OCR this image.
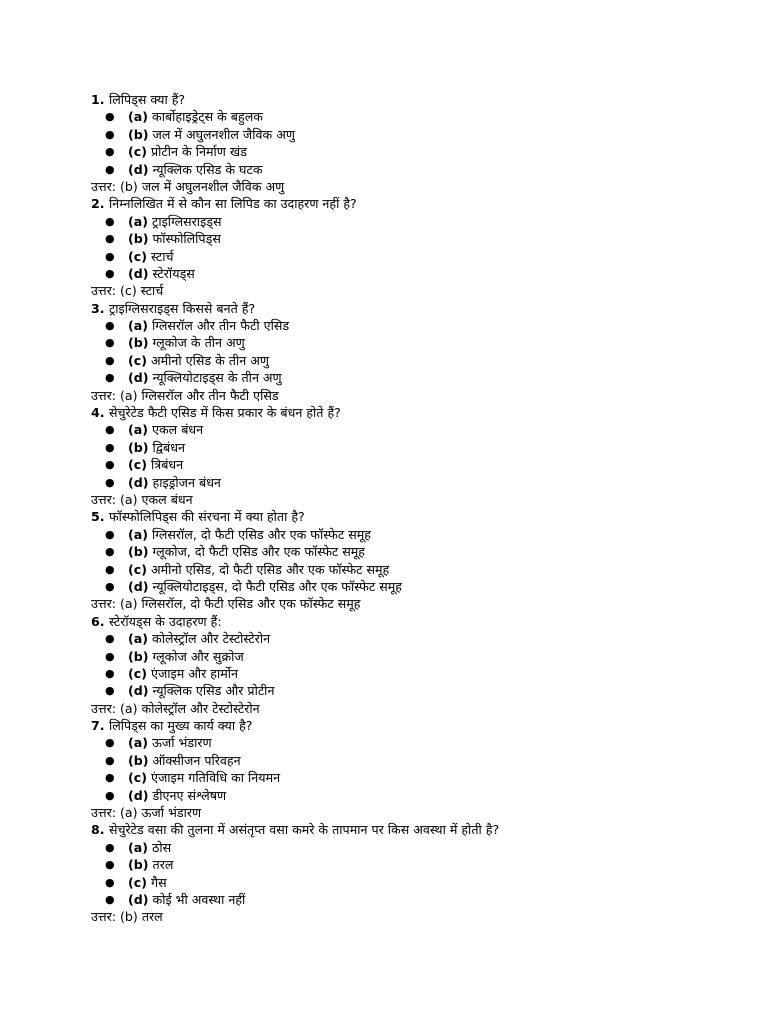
1. लिपिड्स क्या हैं?
● (a) कार्बोहाइड्रेट्स के बहुलक
● (b) जल में अघुलनशील जैविक अणु
● (c) प्रोटीन के निर्माण खंड
● (d) न्यूक्लिक एसिड के घटक
उत्तर: (b) जल में अघुलनशील जैविक अणु
2. निम्नलिखित में से कौन सा लिपिड का उदाहरण नहीं है?
● (a) ट्राइग्लिसराइड्स
● (b) फॉस्फोलिपिड्स
● (c) स्टार्च
● (d) स्टेरॉयड्स
उत्तर: (c) स्टार्च
3. ट्राइग्लिसराइड्स किससे बनते हैं?
● (a) ग्लिसरॉल और तीन फैटी एसिड
● (b) ग्लूकोज के तीन अणु
● (c) अमीनो एसिड के तीन अणु
● (d) न्यूक्लियोटाइड्स के तीन अणु
उत्तर: (a) ग्लिसरॉल और तीन फैटी एसिड
4. सेचुरेटेड फैटी एसिड में किस प्रकार के बंधन होते हैं?
● (a) एकल बंधन
● (b) द्विबंधन
● (c) त्रिबंधन
● (d) हाइड्रोजन बंधन
उत्तर: (a) एकल बंधन
5. फॉस्फोलिपिड्स की संरचना में क्या होता है?
● (a) ग्लिसरॉल, दो फैटी एसिड और एक फॉस्फेट समूह
● (b) ग्लूकोज, दो फैटी एसिड और एक फॉस्फेट समूह
● (c) अमीनो एसिड, दो फैटी एसिड और एक फॉस्फेट समूह
● (d) न्यूक्लियोटाइड्स, दो फैटी एसिड और एक फॉस्फेट समूह
उत्तर: (a) ग्लिसरॉल, दो फैटी एसिड और एक फॉस्फेट समूह
6. स्टेरॉयड्स के उदाहरण हैं:
● (a) कोलेस्ट्रॉल और टेस्टोस्टेरोन
● (b) ग्लूकोज और सुक्रोज
● (c) एंजाइम और हार्मोन
● (d) न्यूक्लिक एसिड और प्रोटीन
उत्तर: (a) कोलेस्ट्रॉल और टेस्टोस्टेरोन
7. लिपिड्स का मुख्य कार्य क्या है?
● (a) ऊर्जा भंडारण
● (b) ऑक्सीजन परिवहन
● (c) एंजाइम गतिविधि का नियमन
● (d) डीएनए संश्लेषण
उत्तर: (a) ऊर्जा भंडारण
8. सेचुरेटेड वसा की तुलना में असंतृप्त वसा कमरे के तापमान पर किस अवस्था में होती है?
● (a) ठोस
● (b) तरल
● (c) गैस
● (d) कोई भी अवस्था नहीं
उत्तर: (b) तरल
